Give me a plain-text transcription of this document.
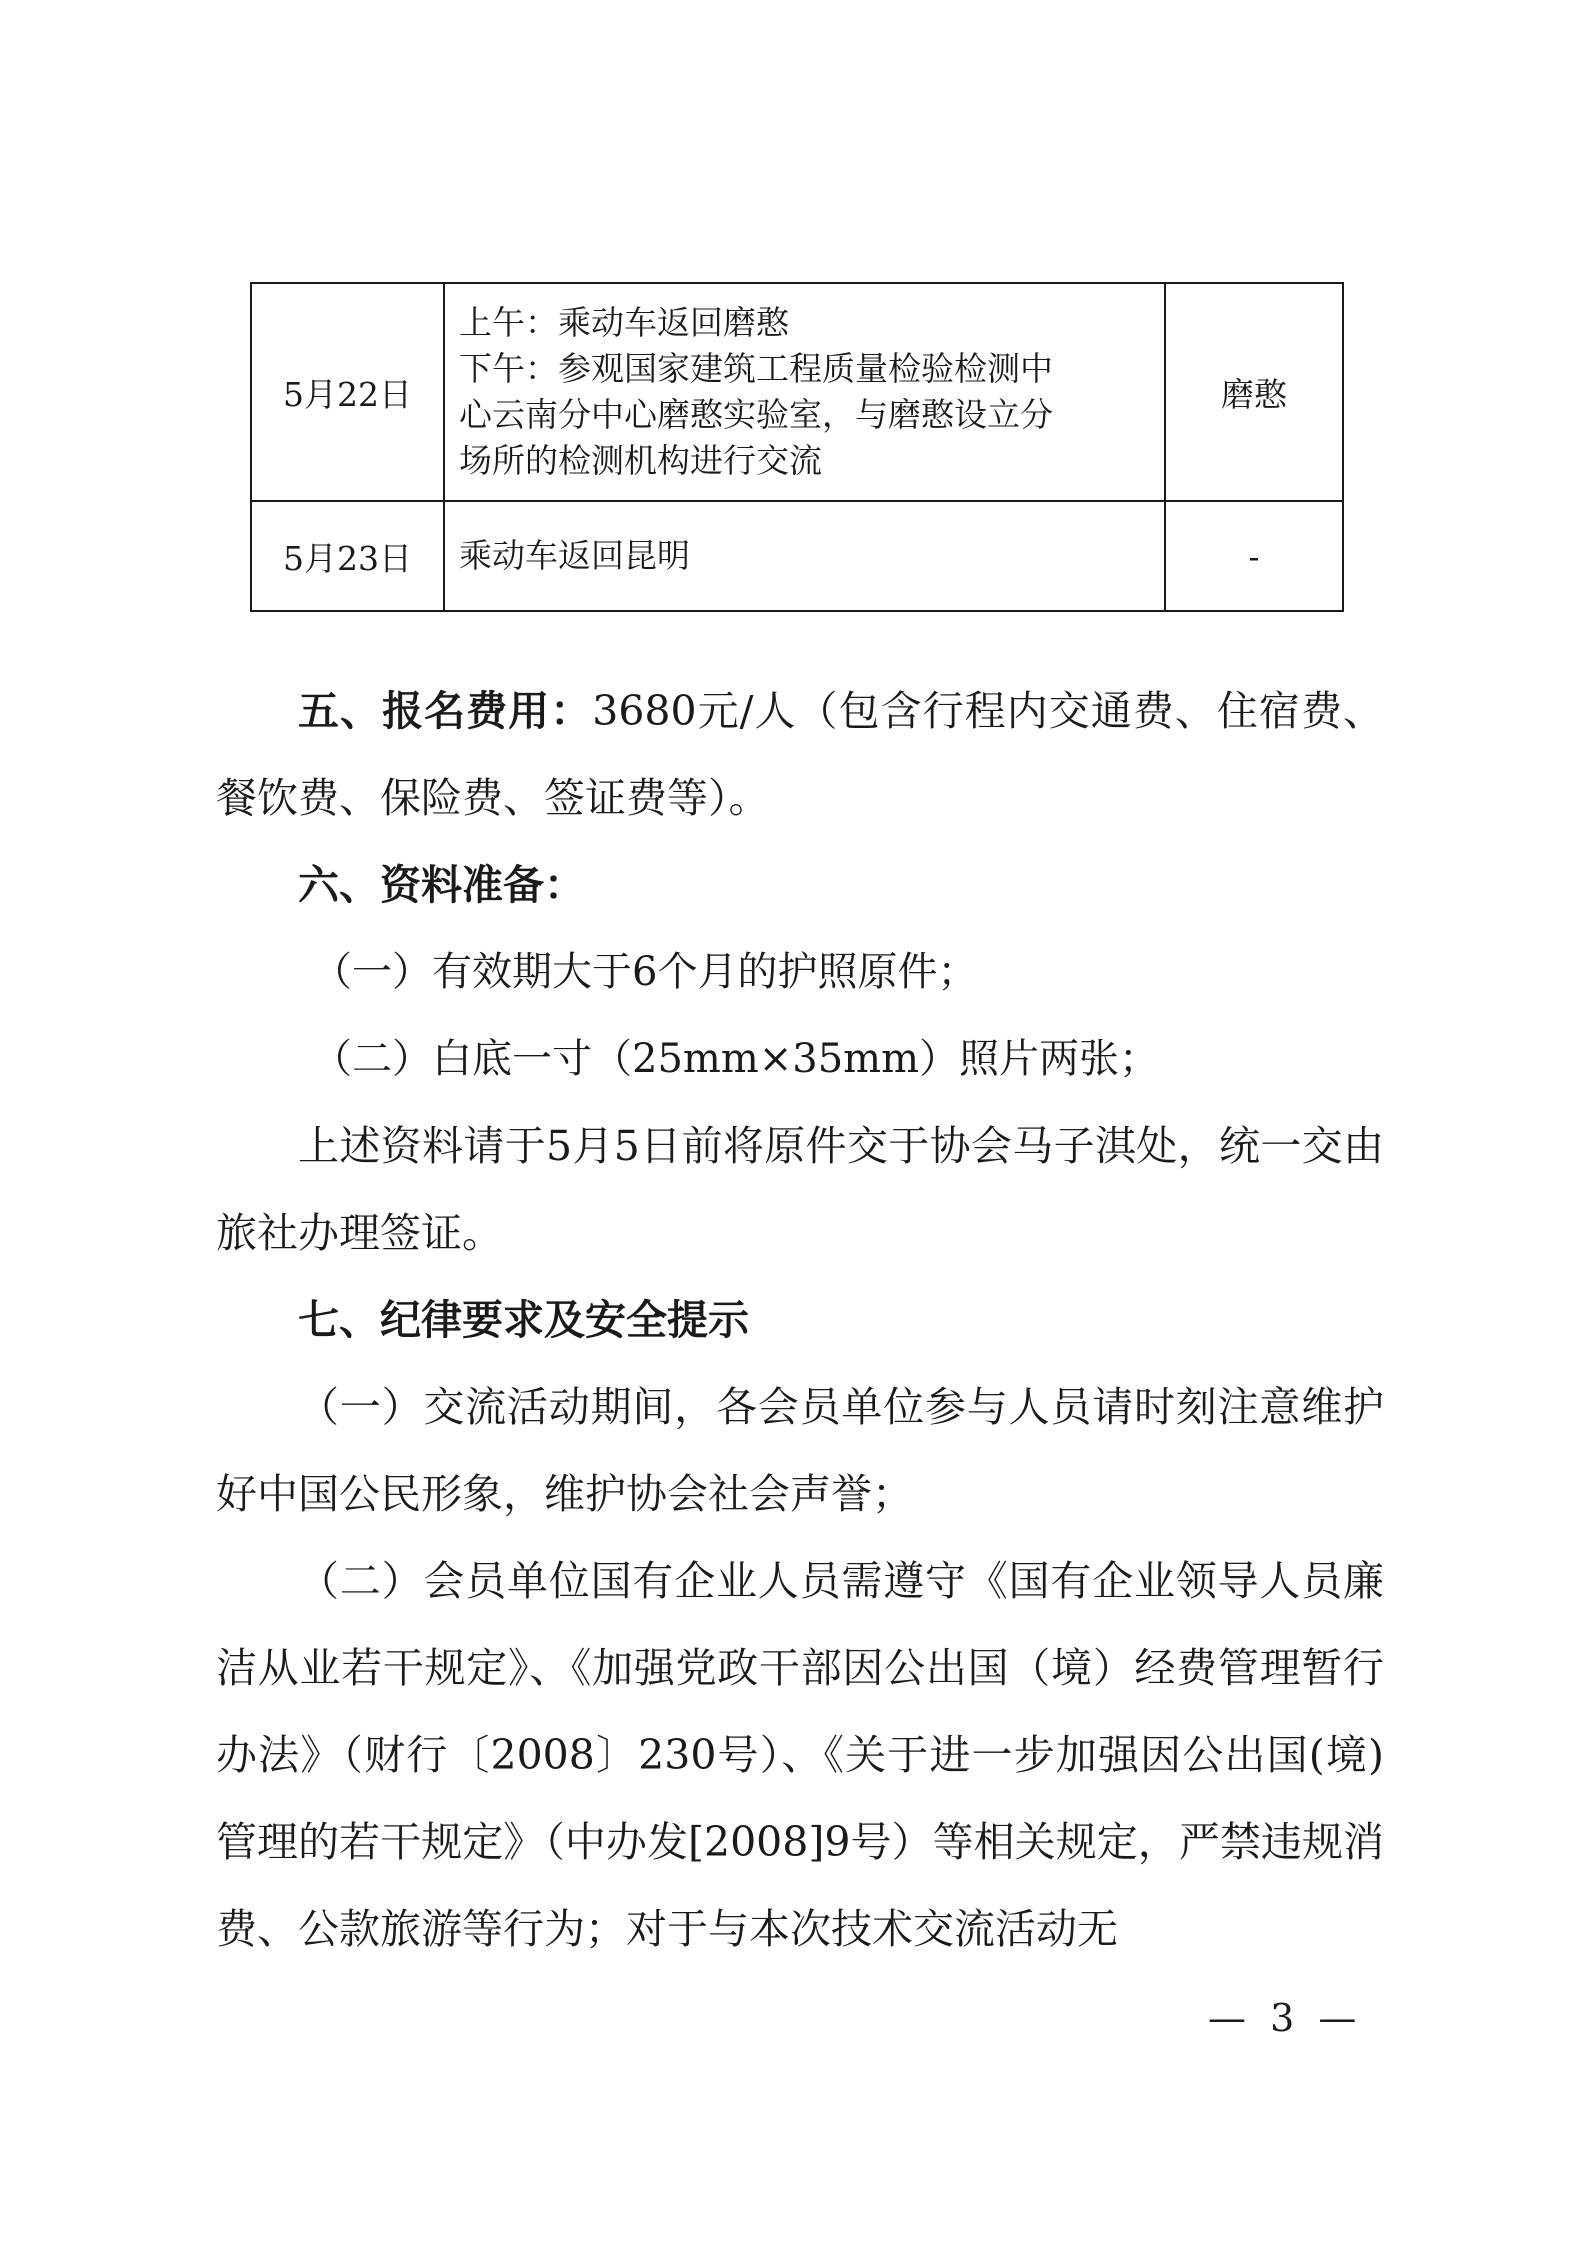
5月22日	上午：乘动车返回磨憨
下午：参观国家建筑工程质量检验检测中
心云南分中心磨憨实验室，与磨憨设立分
场所的检测机构进行交流	磨憨
5月23日	乘动车返回昆明	-

五、报名费用：3680元/人（包含行程内交通费、住宿费、餐饮费、保险费、签证费等）。

六、资料准备：

（一）有效期大于6个月的护照原件；

（二）白底一寸（25mm×35mm）照片两张；

上述资料请于5月5日前将原件交于协会马子淇处，统一交由旅社办理签证。

七、纪律要求及安全提示

（一）交流活动期间，各会员单位参与人员请时刻注意维护好中国公民形象，维护协会社会声誉；

（二）会员单位国有企业人员需遵守《国有企业领导人员廉洁从业若干规定》、《加强党政干部因公出国（境）经费管理暂行办法》（财行〔2008〕230号）、《关于进一步加强因公出国(境)管理的若干规定》（中办发[2008]9号）等相关规定，严禁违规消费、公款旅游等行为；对于与本次技术交流活动无

— 3 —
